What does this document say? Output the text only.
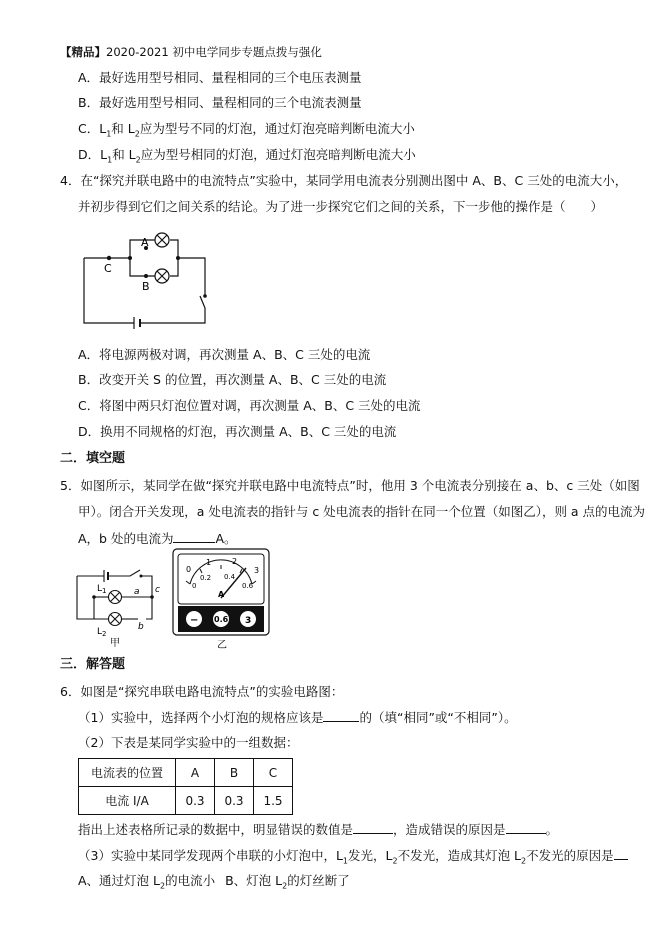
【精品】2020-2021 初中电学同步专题点拨与强化
A．最好选用型号相同、量程相同的三个电压表测量
B．最好选用型号相同、量程相同的三个电流表测量
C．$L_1$和 $L_2$应为型号不同的灯泡，通过灯泡亮暗判断电流大小
D．$L_1$和 $L_2$应为型号相同的灯泡，通过灯泡亮暗判断电流大小
4．在“探究并联电路中的电流特点”实验中，某同学用电流表分别测出图中 A、B、C 三处的电流大小，
并初步得到它们之间关系的结论。为了进一步探究它们之间的关系，下一步他的操作是（　　）
A
B
C
A．将电源两极对调，再次测量 A、B、C 三处的电流
B．改变开关 S 的位置，再次测量 A、B、C 三处的电流
C．将图中两只灯泡位置对调，再次测量 A、B、C 三处的电流
D．换用不同规格的灯泡，再次测量 A、B、C 三处的电流
二．填空题
5．如图所示，某同学在做“探究并联电路中电流特点”时，他用 3 个电流表分别接在 a、b、c 三处（如图
甲）。闭合开关发现，a 处电流表的指针与 c 处电流表的指针在同一个位置（如图乙），则 a 点的电流为
A，b 处的电流为	A。
$L_1$
$L_2$
a
b
c
甲
0
1	2
3
0
0.2 0.4
0.6
A
− 0.6 3
乙
三．解答题
6．如图是“探究串联电路电流特点”的实验电路图：
（1）实验中，选择两个小灯泡的规格应该是	的（填“相同”或“不相同”）。
（2）下表是某同学实验中的一组数据：
电流表的位置	A	B	C
电流 I/A	0.3	0.3	1.5
指出上述表格所记录的数据中，明显错误的数值是	，造成错误的原因是	。
（3）实验中某同学发现两个串联的小灯泡中，$L_1$发光，$L_2$不发光，造成其灯泡 $L_2$不发光的原因是
A、通过灯泡 $L_2$的电流小 B、灯泡 $L_2$的灯丝断了
